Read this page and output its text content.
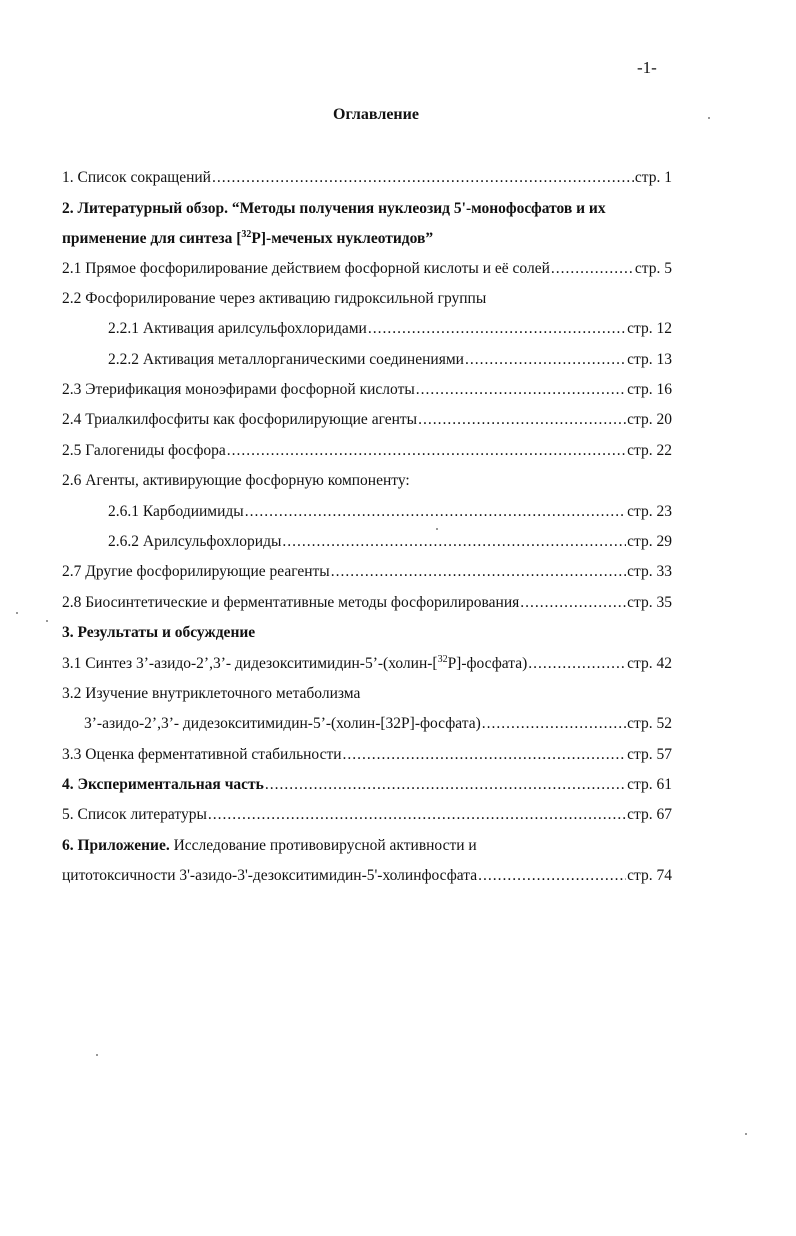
-1-
Оглавление
1. Список сокращений .....	стр. 1
2. Литературный обзор. “Методы получения нуклеозид 5'-монофосфатов и их
применение для синтеза [$^{32}$P]-меченых нуклеотидов”
2.1 Прямое фосфорилирование действием фосфорной кислоты и её солей .....	стр. 5
2.2 Фосфорилирование через активацию гидроксильной группы
2.2.1 Активация арилсульфохлоридами .....	стр. 12
2.2.2 Активация металлорганическими соединениями .....	стр. 13
2.3 Этерификация моноэфирами фосфорной кислоты .....	стр. 16
2.4 Триалкилфосфиты как фосфорилирующие агенты .....	стр. 20
2.5 Галогениды фосфора .....	стр. 22
2.6 Агенты, активирующие фосфорную компоненту:
2.6.1 Карбодиимиды .....	стр. 23
2.6.2 Арилсульфохлориды .....	стр. 29
2.7 Другие фосфорилирующие реагенты .....	стр. 33
2.8 Биосинтетические и ферментативные методы фосфорилирования .....	стр. 35
3. Результаты и обсуждение
3.1 Синтез 3’-азидо-2’,3’- дидезокситимидин-5’-(холин-[$^{32}$P]-фосфата) .....	стр. 42
3.2 Изучение внутриклеточного метаболизма
3’-азидо-2’,3’- дидезокситимидин-5’-(холин-[32P]-фосфата) .....	стр. 52
3.3 Оценка ферментативной стабильности .....	стр. 57
4. Экспериментальная часть .....	стр. 61
5. Список литературы .....	стр. 67
6. Приложение. Исследование противовирусной активности и
цитотоксичности 3'-азидо-3'-дезокситимидин-5'-холинфосфата .....	стр. 74
